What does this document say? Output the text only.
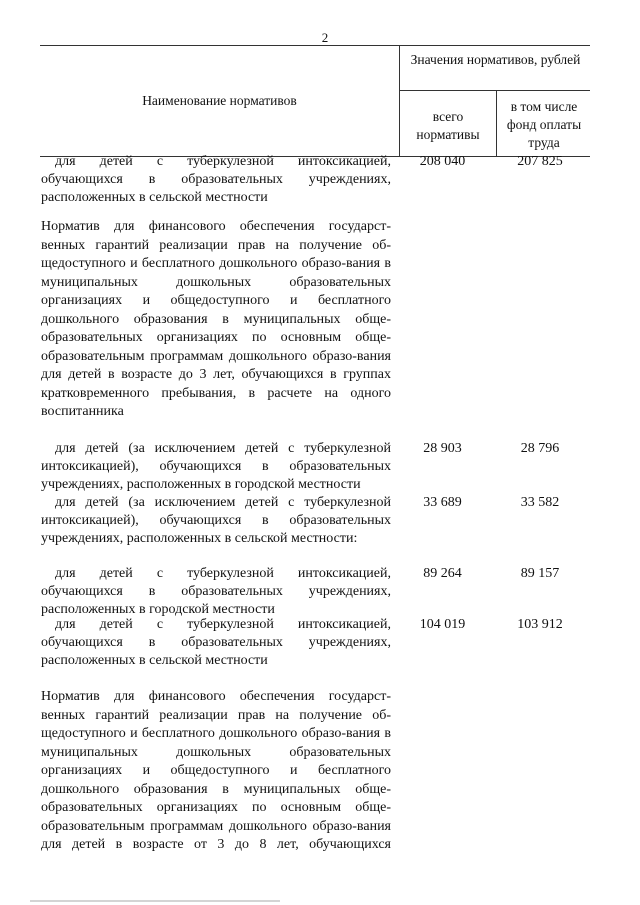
2
Наименование нормативов
Значения нормативов, рублей
всего нормативы
в том числе фонд оплаты труда
для детей с туберкулезной интоксикацией, обучающихся в образовательных учреждениях, расположенных в сельской местности
208 040	207 825
Норматив для финансового обеспечения государст-венных гарантий реализации прав на получение об-щедоступного и бесплатного дошкольного образо-вания в муниципальных дошкольных образовательных организациях и общедоступного и бесплатного дошкольного образования в муниципальных обще-образовательных организациях по основным обще-образовательным программам дошкольного образо-вания для детей в возрасте до 3 лет, обучающихся в группах кратковременного пребывания, в расчете на одного воспитанника
для детей (за исключением детей с туберкулезной интоксикацией), обучающихся в образовательных учреждениях, расположенных в городской местности
28 903	28 796
для детей (за исключением детей с туберкулезной интоксикацией), обучающихся в образовательных учреждениях, расположенных в сельской местности:
33 689	33 582
для детей с туберкулезной интоксикацией, обучающихся в образовательных учреждениях, расположенных в городской местности
89 264	89 157
для детей с туберкулезной интоксикацией, обучающихся в образовательных учреждениях, расположенных в сельской местности
104 019	103 912
Норматив для финансового обеспечения государст-венных гарантий реализации прав на получение об-щедоступного и бесплатного дошкольного образо-вания в муниципальных дошкольных образовательных организациях и общедоступного и бесплатного дошкольного образования в муниципальных обще-образовательных организациях по основным обще-образовательным программам дошкольного образо-вания для детей в возрасте от 3 до 8 лет, обучающихся
